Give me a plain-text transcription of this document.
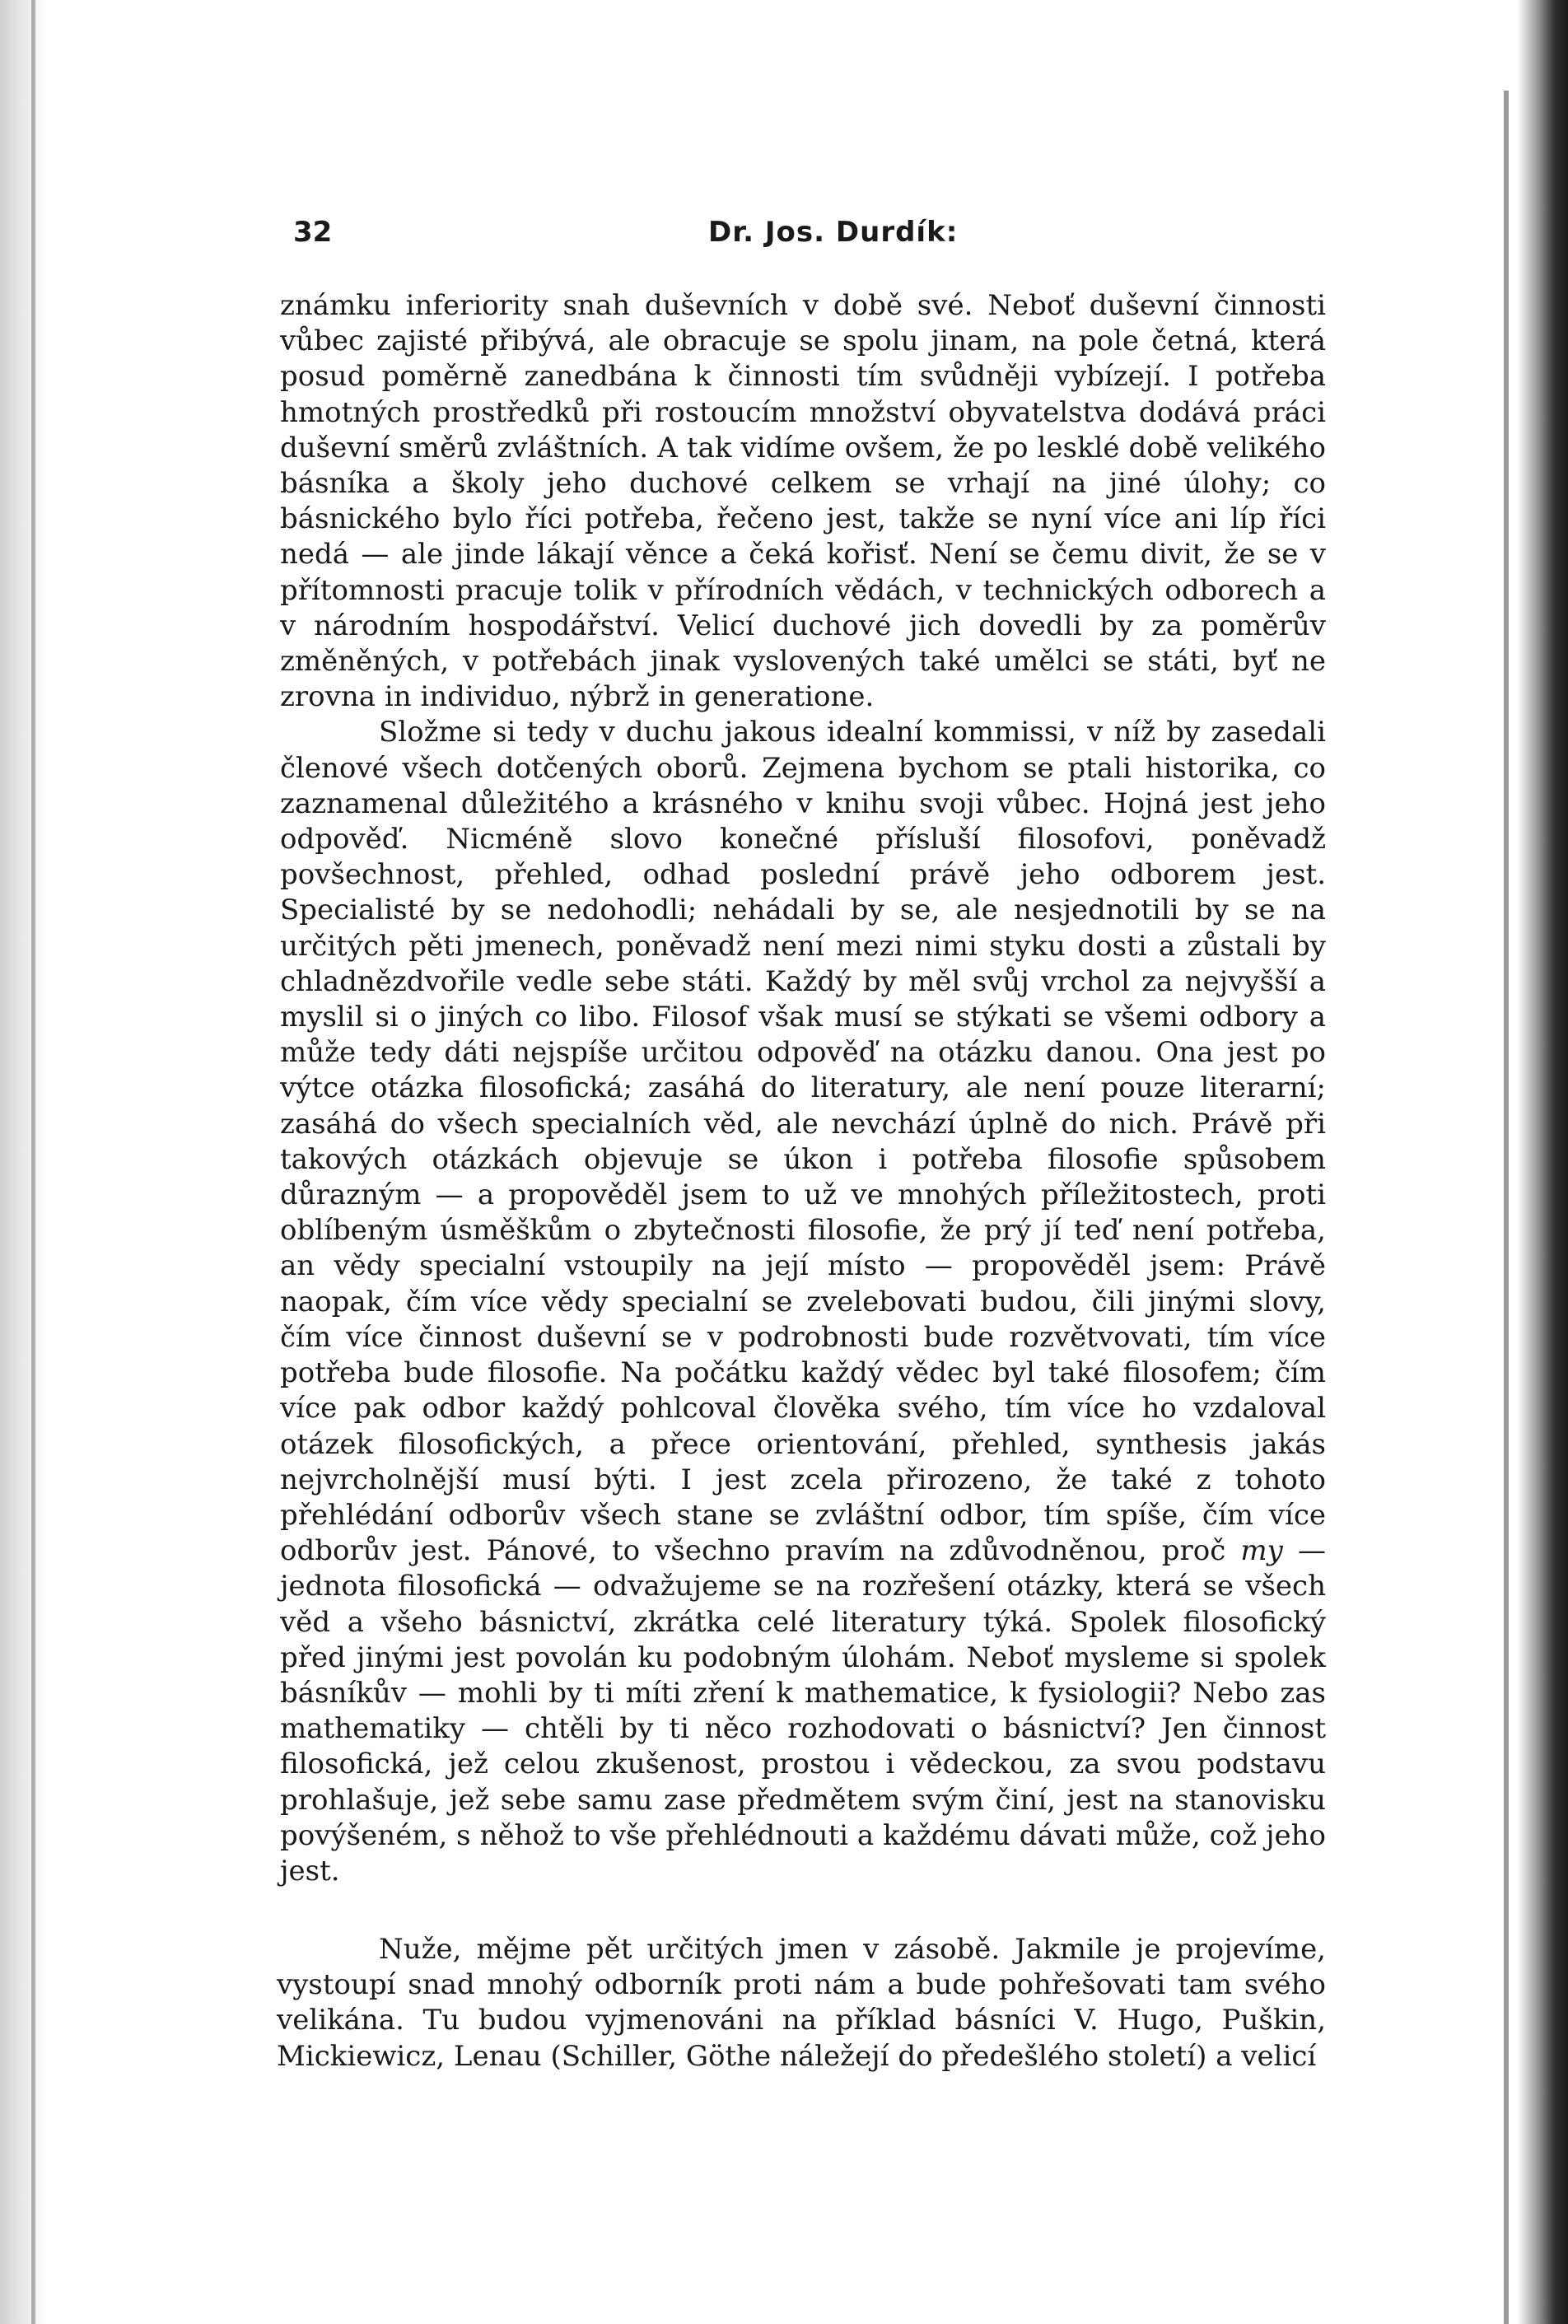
32	Dr. Jos. Durdík:

známku inferiority snah duševních v době své. Neboť duševní činnosti vůbec zajisté přibývá, ale obracuje se spolu jinam, na pole četná, která posud poměrně zanedbána k činnosti tím svůdněji vybízejí. I potřeba hmotných prostředků při rostoucím množství obyvatelstva dodává práci duševní směrů zvláštních. A tak vidíme ovšem, že po lesklé době velikého básníka a školy jeho duchové celkem se vrhají na jiné úlohy; co básnického bylo říci potřeba, řečeno jest, takže se nyní více ani líp říci nedá — ale jinde lákají věnce a čeká kořisť. Není se čemu divit, že se v přítomnosti pracuje tolik v přírodních vědách, v technických odborech a v národním hospodářství. Velicí duchové jich dovedli by za poměrův změněných, v potřebách jinak vyslovených také umělci se státi, byť ne zrovna in individuo, nýbrž in generatione.

Složme si tedy v duchu jakous idealní kommissi, v níž by zasedali členové všech dotčených oborů. Zejmena bychom se ptali historika, co zaznamenal důležitého a krásného v knihu svoji vůbec. Hojná jest jeho odpověď. Nicméně slovo konečné přísluší filosofovi, poněvadž povšechnost, přehled, odhad poslední právě jeho odborem jest. Specialisté by se nedohodli; nehádali by se, ale nesjednotili by se na určitých pěti jmenech, poněvadž není mezi nimi styku dosti a zůstali by chladnězdvořile vedle sebe státi. Každý by měl svůj vrchol za nejvyšší a myslil si o jiných co libo. Filosof však musí se stýkati se všemi odbory a může tedy dáti nejspíše určitou odpověď na otázku danou. Ona jest po výtce otázka filosofická; zasáhá do literatury, ale není pouze literarní; zasáhá do všech specialních věd, ale nevchází úplně do nich. Právě při takových otázkách objevuje se úkon i potřeba filosofie spůsobem důrazným — a propověděl jsem to už ve mnohých příležitostech, proti oblíbeným úsměškům o zbytečnosti filosofie, že prý jí teď není potřeba, an vědy specialní vstoupily na její místo — propověděl jsem: Právě naopak, čím více vědy specialní se zvelebovati budou, čili jinými slovy, čím více činnost duševní se v podrobnosti bude rozvětvovati, tím více potřeba bude filosofie. Na počátku každý vědec byl také filosofem; čím více pak odbor každý pohlcoval člověka svého, tím více ho vzdaloval otázek filosofických, a přece orientování, přehled, synthesis jakás nejvrcholnější musí býti. I jest zcela přirozeno, že také z tohoto přehlédání odborův všech stane se zvláštní odbor, tím spíše, čím více odborův jest. Pánové, to všechno pravím na zdůvodněnou, proč my — jednota filosofická — odvažujeme se na rozřešení otázky, která se všech věd a všeho básnictví, zkrátka celé literatury týká. Spolek filosofický před jinými jest povolán ku podobným úlohám. Neboť mysleme si spolek básníkův — mohli by ti míti zření k mathematice, k fysiologii? Nebo zas mathematiky — chtěli by ti něco rozhodovati o básnictví? Jen činnost filosofická, jež celou zkušenost, prostou i vědeckou, za svou podstavu prohlašuje, jež sebe samu zase předmětem svým činí, jest na stanovisku povýšeném, s něhož to vše přehlédnouti a každému dávati může, což jeho jest.

Nuže, mějme pět určitých jmen v zásobě. Jakmile je projevíme, vystoupí snad mnohý odborník proti nám a bude pohřešovati tam svého velikána. Tu budou vyjmenováni na příklad básníci V. Hugo, Puškin, Mickiewicz, Lenau (Schiller, Göthe náležejí do předešlého století) a velicí
